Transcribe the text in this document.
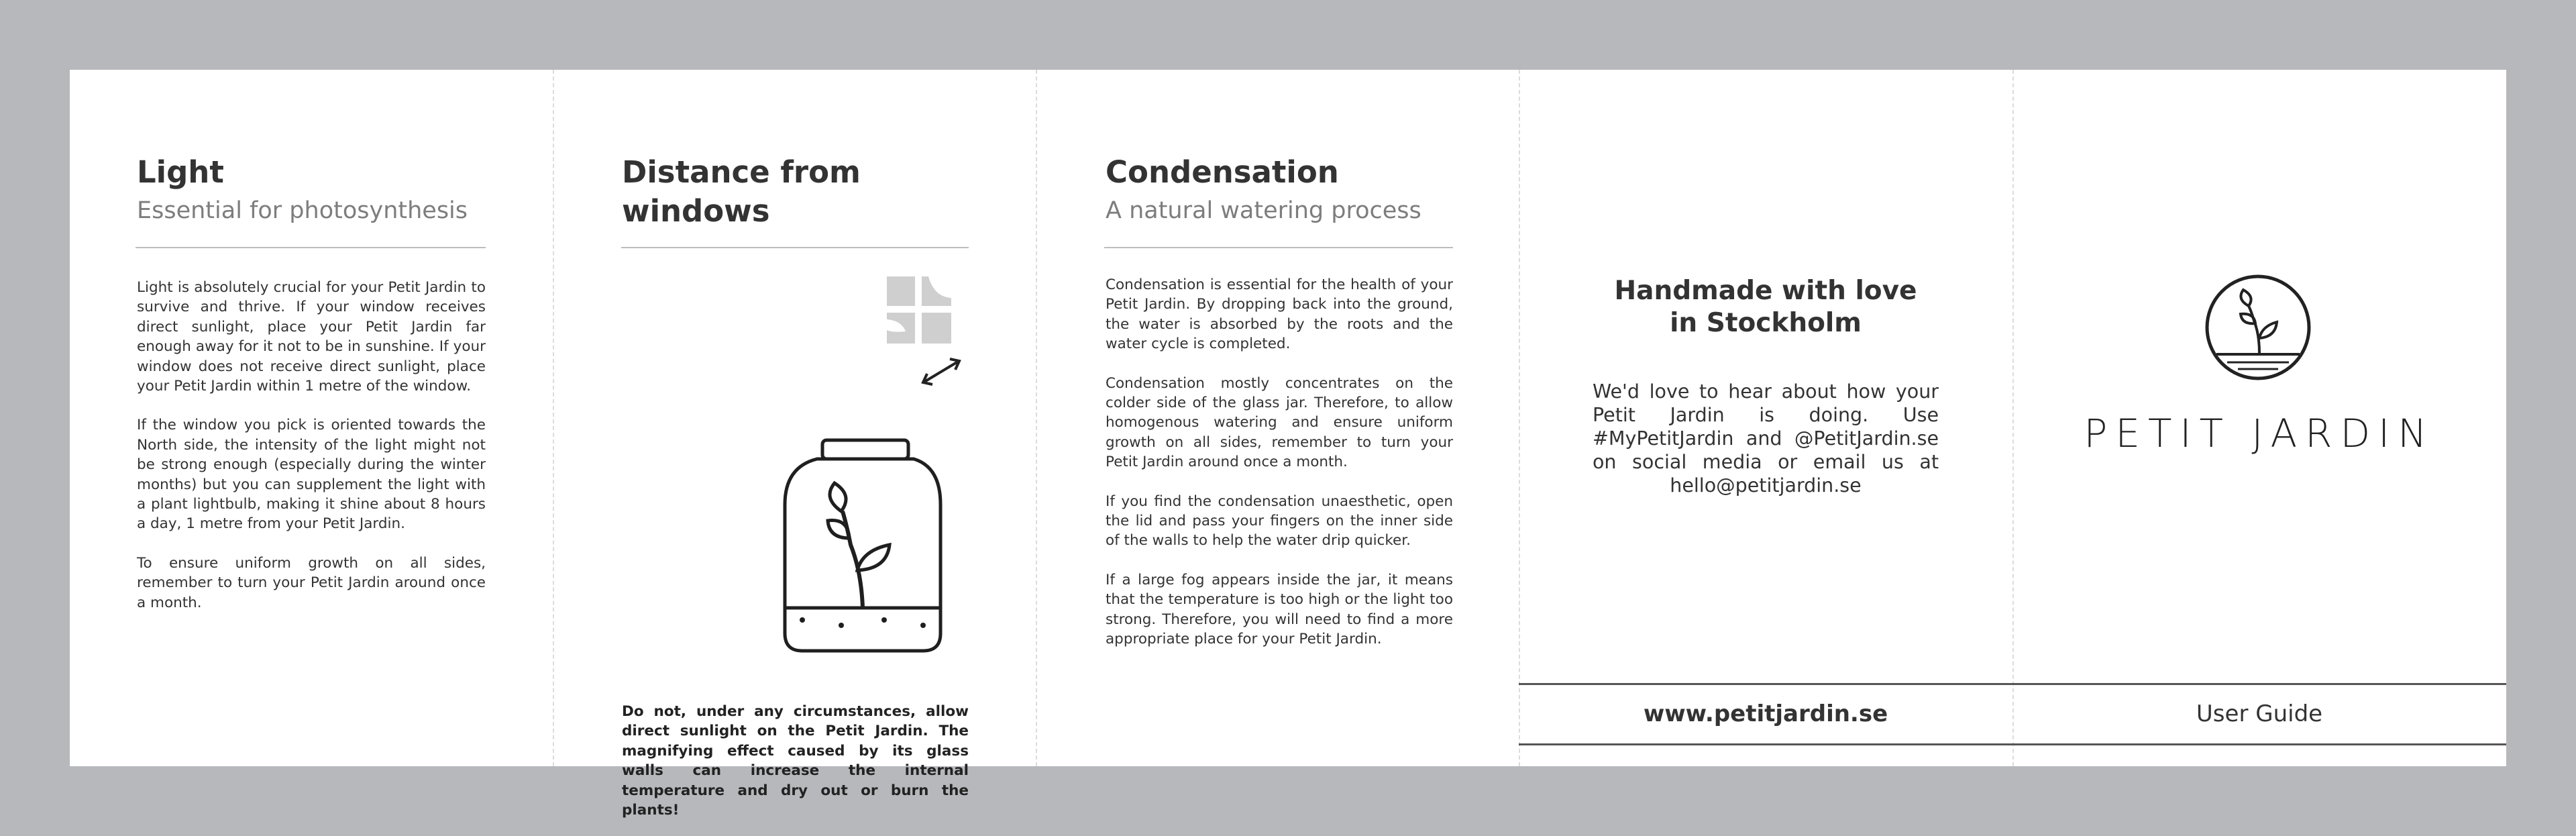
Light
Essential for photosynthesis

Light is absolutely crucial for your Petit Jardin to survive and thrive. If your window receives direct sunlight, place your Petit Jardin far enough away for it not to be in sunshine. If your window does not receive direct sunlight, place your Petit Jardin within 1 metre of the window.

If the window you pick is oriented towards the North side, the intensity of the light might not be strong enough (especially during the winter months) but you can supplement the light with a plant lightbulb, making it shine about 8 hours a day, 1 metre from your Petit Jardin.

To ensure uniform growth on all sides, remember to turn your Petit Jardin around once a month.

Distance from
windows
Do not, under any circumstances, allow direct sunlight on the Petit Jardin. The magnifying effect caused by its glass walls can increase the internal temperature and dry out or burn the plants!
Condensation
A natural watering process

Condensation is essential for the health of your Petit Jardin. By dropping back into the ground, the water is absorbed by the roots and the water cycle is completed.

Condensation mostly concentrates on the colder side of the glass jar. Therefore, to allow homogenous watering and ensure uniform growth on all sides, remember to turn your Petit Jardin around once a month.

If you find the condensation unaesthetic, open the lid and pass your fingers on the inner side of the walls to help the water drip quicker.

If a large fog appears inside the jar, it means that the temperature is too high or the light too strong. Therefore, you will need to find a more appropriate place for your Petit Jardin.

Handmade with love
in Stockholm
We'd love to hear about how your Petit Jardin is doing. Use #MyPetitJardin and @PetitJardin.se on social media or email us at hello@petitjardin.se
PETIT JARDIN
www.petitjardin.se	User Guide
